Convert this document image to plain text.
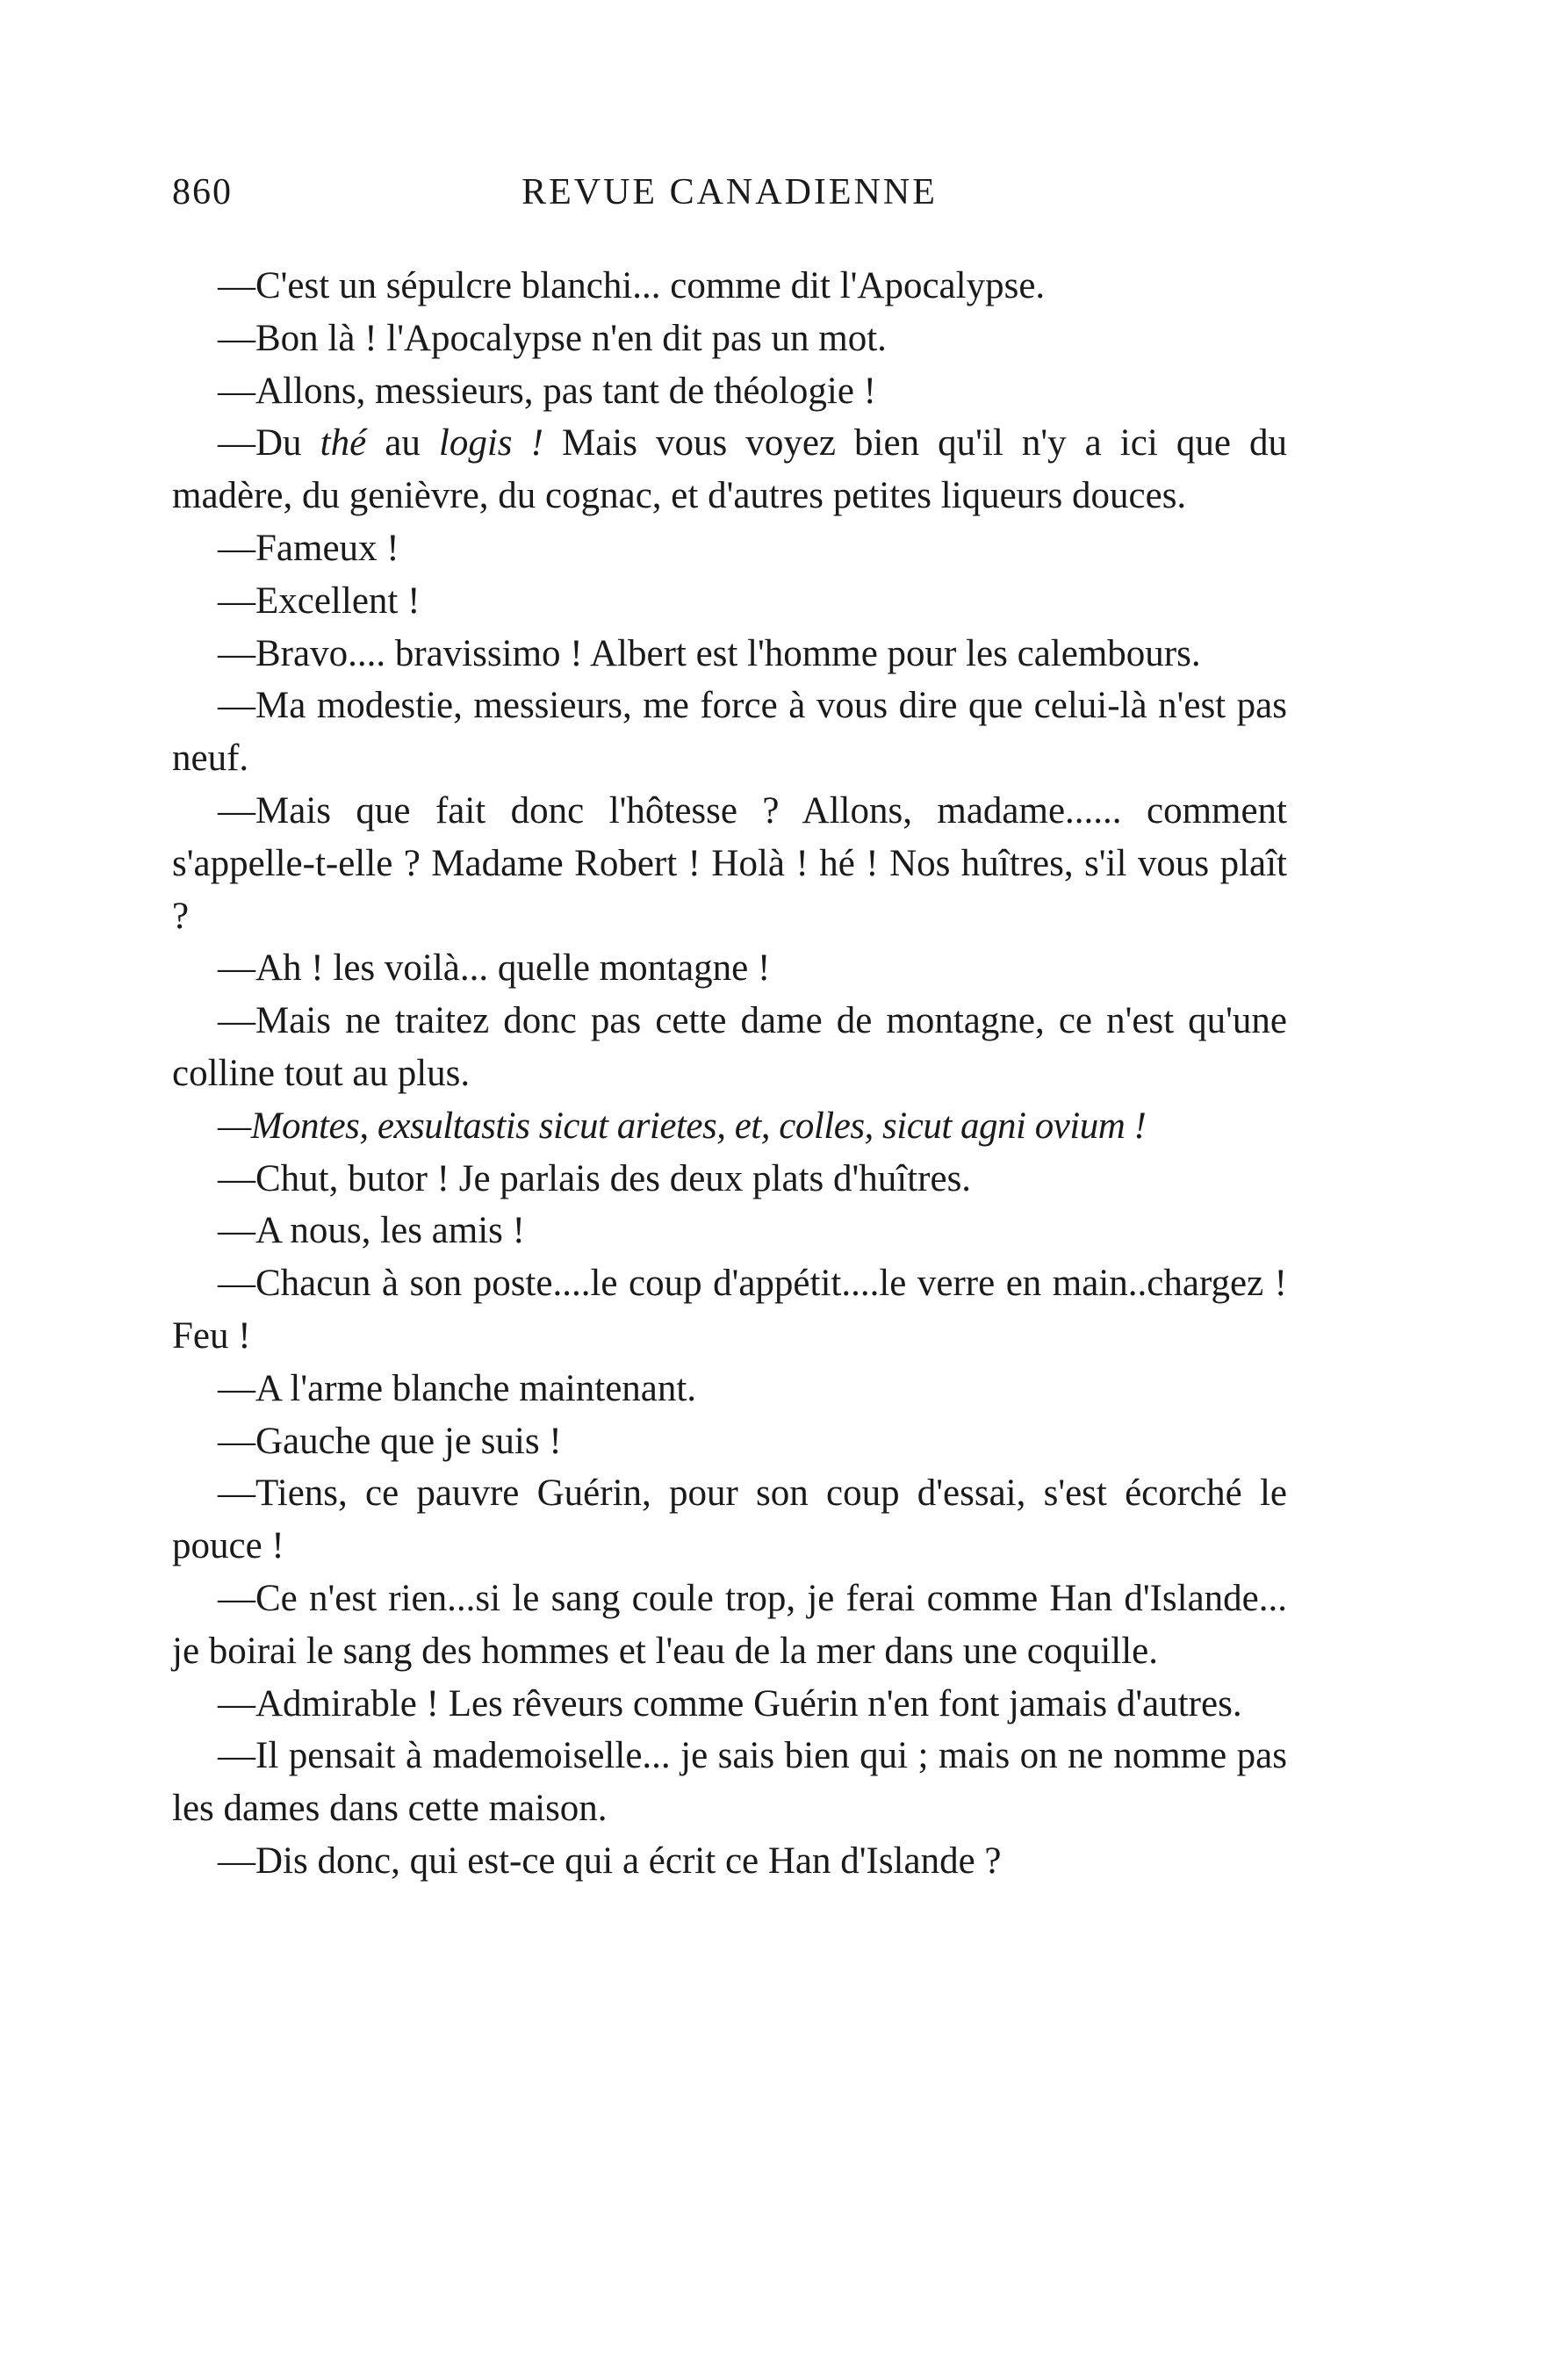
860	REVUE CANADIENNE

—C'est un sépulcre blanchi... comme dit l'Apocalypse.

—Bon là ! l'Apocalypse n'en dit pas un mot.

—Allons, messieurs, pas tant de théologie !

—Du thé au logis ! Mais vous voyez bien qu'il n'y a ici que du madère, du genièvre, du cognac, et d'autres petites liqueurs douces.

—Fameux !

—Excellent !

—Bravo.... bravissimo ! Albert est l'homme pour les calembours.

—Ma modestie, messieurs, me force à vous dire que celui-là n'est pas neuf.

—Mais que fait donc l'hôtesse ? Allons, madame...... comment s'appelle-t-elle ? Madame Robert ! Holà ! hé ! Nos huîtres, s'il vous plaît ?

—Ah ! les voilà... quelle montagne !

—Mais ne traitez donc pas cette dame de montagne, ce n'est qu'une colline tout au plus.

—Montes, exsultastis sicut arietes, et, colles, sicut agni ovium !

—Chut, butor ! Je parlais des deux plats d'huîtres.

—A nous, les amis !

—Chacun à son poste....le coup d'appétit....le verre en main..chargez ! Feu !

—A l'arme blanche maintenant.

—Gauche que je suis !

—Tiens, ce pauvre Guérin, pour son coup d'essai, s'est écorché le pouce !

—Ce n'est rien...si le sang coule trop, je ferai comme Han d'Islande... je boirai le sang des hommes et l'eau de la mer dans une coquille.

—Admirable ! Les rêveurs comme Guérin n'en font jamais d'autres.

—Il pensait à mademoiselle... je sais bien qui ; mais on ne nomme pas les dames dans cette maison.

—Dis donc, qui est-ce qui a écrit ce Han d'Islande ?
